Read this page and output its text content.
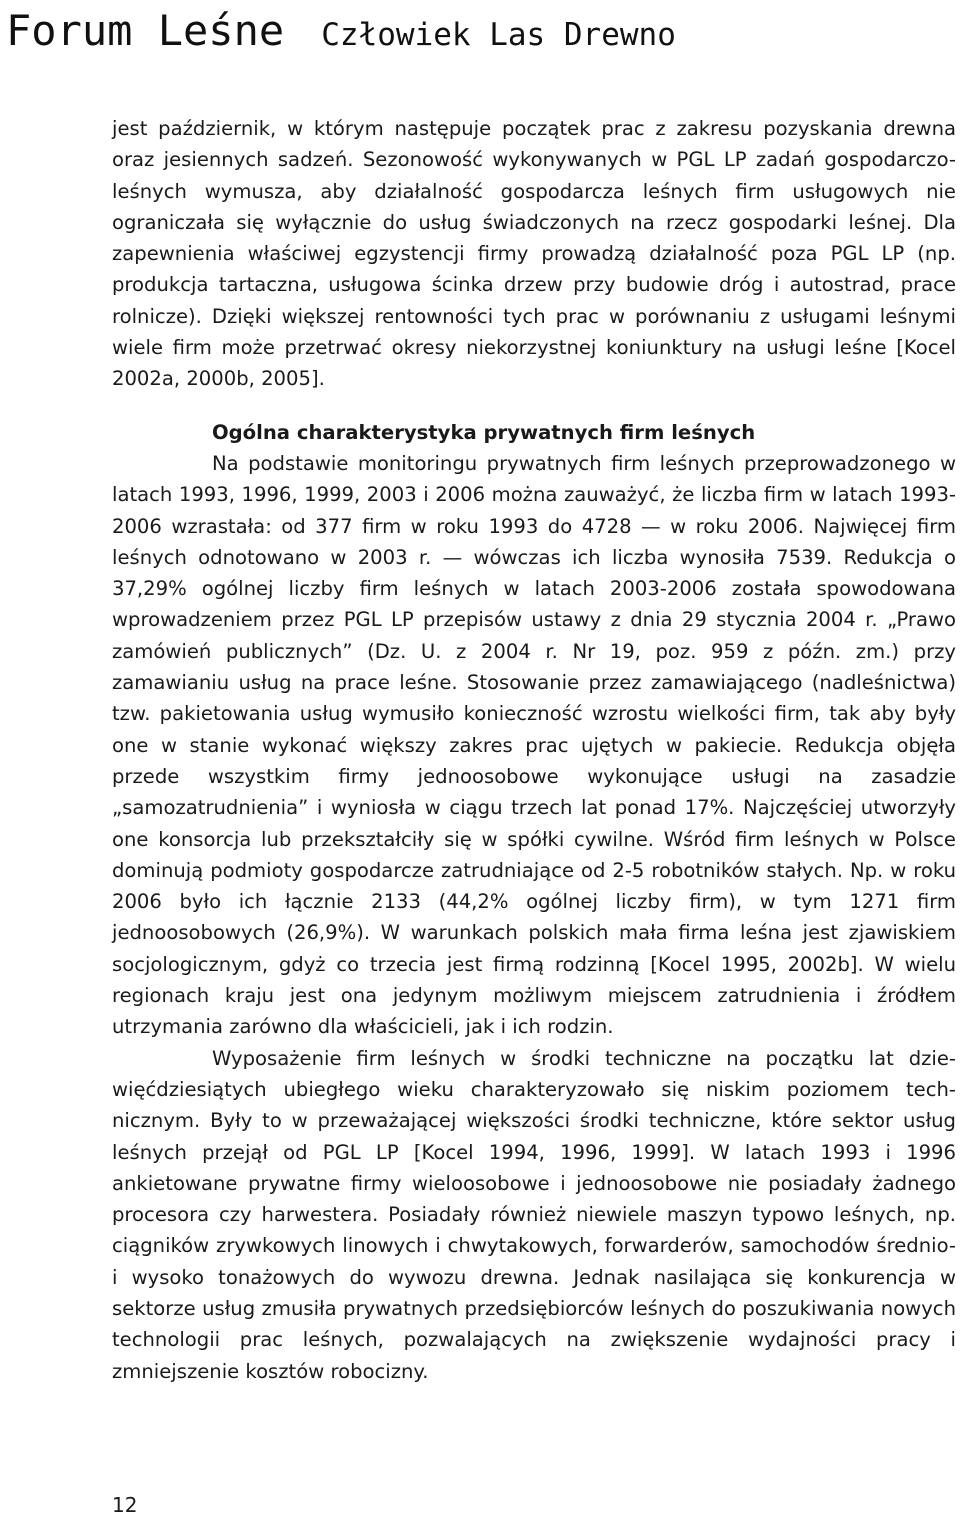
Forum Leśne Człowiek Las Drewno

jest październik, w którym następuje początek prac z zakresu pozyskania drewna oraz jesiennych sadzeń. Sezonowość wykonywanych w PGL LP zadań gospodarczo-leśnych wymusza, aby działalność gospodarcza leśnych firm usługowych nie ograniczała się wyłącznie do usług świadczonych na rzecz gospodarki leśnej. Dla zapewnienia właściwej egzystencji firmy prowadzą działalność poza PGL LP (np. produkcja tartaczna, usługowa ścinka drzew przy budowie dróg i autostrad, prace rolnicze). Dzięki większej rentowności tych prac w porównaniu z usługami leśnymi wiele firm może przetrwać okresy niekorzystnej koniunktury na usługi leśne [Kocel 2002a, 2000b, 2005].

Ogólna charakterystyka prywatnych firm leśnych

Na podstawie monitoringu prywatnych firm leśnych przeprowadzonego w latach 1993, 1996, 1999, 2003 i 2006 można zauważyć, że liczba firm w latach 1993-2006 wzrastała: od 377 firm w roku 1993 do 4728 — w roku 2006. Najwięcej firm leśnych odnotowano w 2003 r. — wówczas ich liczba wynosiła 7539. Redukcja o 37,29% ogólnej liczby firm leśnych w latach 2003-2006 została spowodowana wprowadzeniem przez PGL LP przepisów ustawy z dnia 29 stycznia 2004 r. „Prawo zamówień publicznych” (Dz. U. z 2004 r. Nr 19, poz. 959 z późn. zm.) przy zamawianiu usług na prace leśne. Stosowanie przez zamawiającego (nadleśnictwa) tzw. pakietowania usług wymusiło konieczność wzrostu wielkości firm, tak aby były one w stanie wykonać większy zakres prac ujętych w pakiecie. Redukcja objęła przede wszystkim firmy jednoosobowe wykonujące usługi na zasadzie „samozatrudnienia” i wyniosła w ciągu trzech lat ponad 17%. Najczęściej utworzyły one konsorcja lub przekształciły się w spółki cywilne. Wśród firm leśnych w Polsce dominują podmioty gospodarcze zatrudniające od 2-5 robotników stałych. Np. w roku 2006 było ich łącznie 2133 (44,2% ogólnej liczby firm), w tym 1271 firm jednoosobowych (26,9%). W warunkach polskich mała firma leśna jest zjawiskiem socjologicznym, gdyż co trzecia jest firmą rodzinną [Kocel 1995, 2002b]. W wielu regionach kraju jest ona jedynym możliwym miejscem zatrudnienia i źródłem utrzymania zarówno dla właścicieli, jak i ich rodzin.

Wyposażenie firm leśnych w środki techniczne na początku lat dziewięćdziesiątych ubiegłego wieku charakteryzowało się niskim poziomem technicznym. Były to w przeważającej większości środki techniczne, które sektor usług leśnych przejął od PGL LP [Kocel 1994, 1996, 1999]. W latach 1993 i 1996 ankietowane prywatne firmy wieloosobowe i jednoosobowe nie posiadały żadnego procesora czy harwestera. Posiadały również niewiele maszyn typowo leśnych, np. ciągników zrywkowych linowych i chwytakowych, forwarderów, samochodów średnio- i wysoko tonażowych do wywozu drewna. Jednak nasilająca się konkurencja w sektorze usług zmusiła prywatnych przedsiębiorców leśnych do poszukiwania nowych technologii prac leśnych, pozwalających na zwiększenie wydajności pracy i zmniejszenie kosztów robocizny.

12
